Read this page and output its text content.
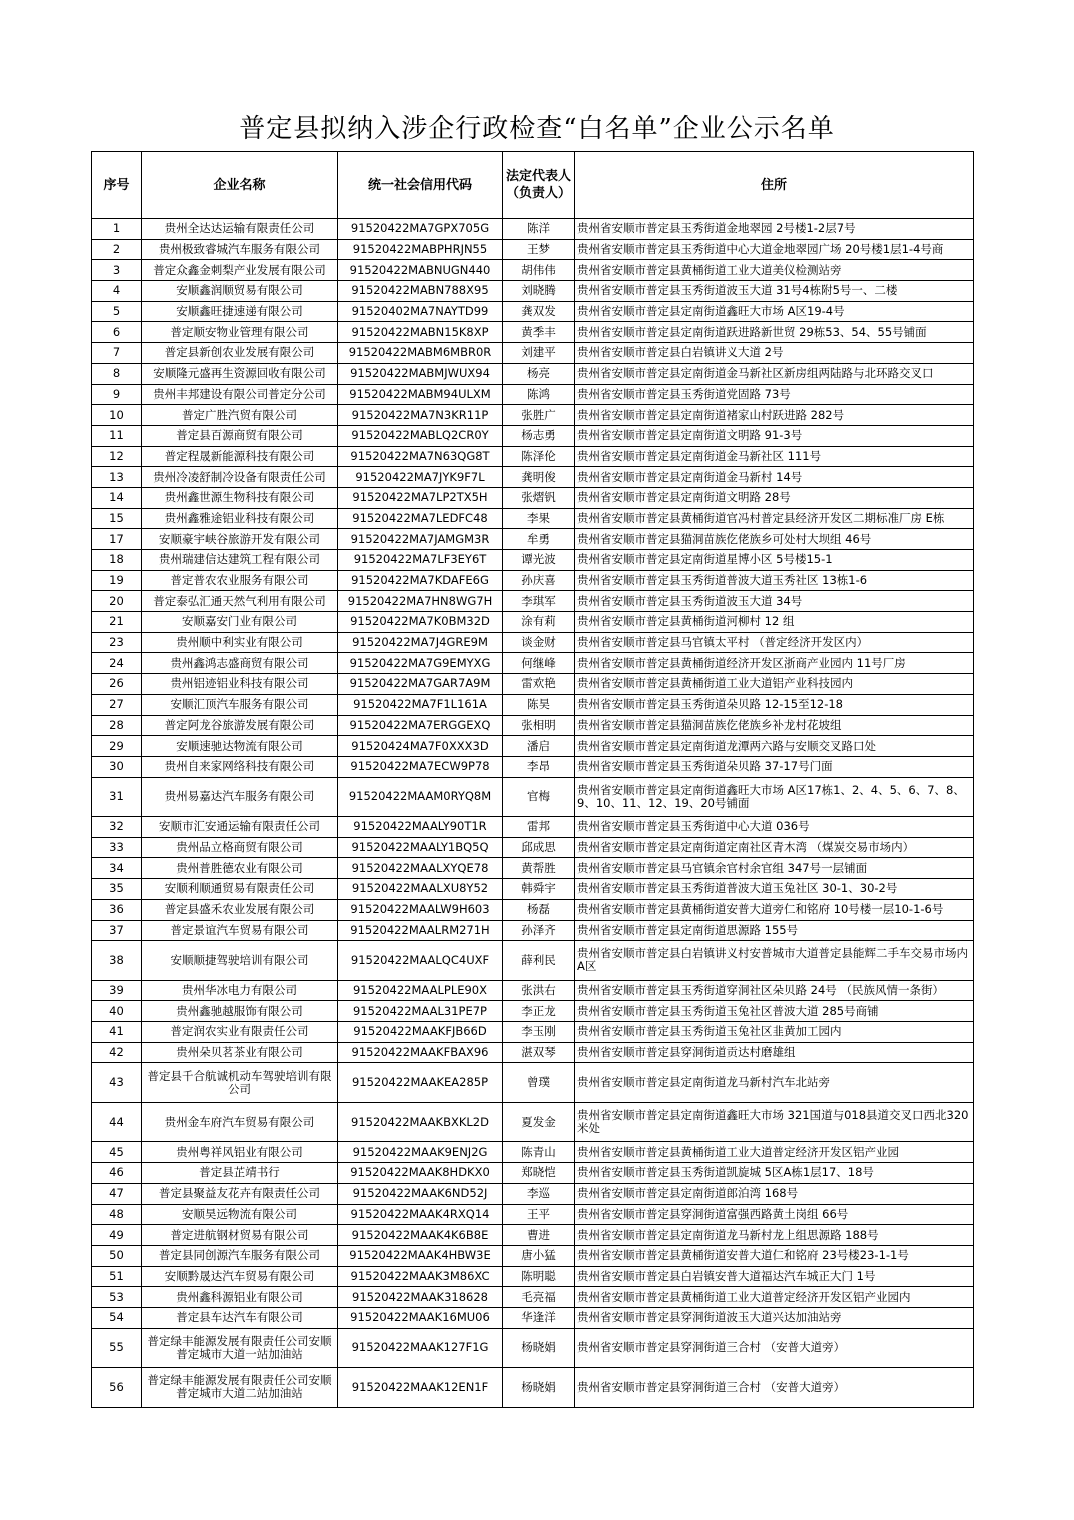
普定县拟纳入涉企行政检查“白名单”企业公示名单
序号	企业名称	统一社会信用代码	法定代表人（负责人）	住所
1	贵州全达达运输有限责任公司	91520422MA7GPX705G	陈洋	贵州省安顺市普定县玉秀街道金地翠园 2号楼1-2层7号
2	贵州极致睿城汽车服务有限公司	91520422MABPHRJN55	王梦	贵州省安顺市普定县玉秀街道中心大道金地翠园广场 20号楼1层1-4号商
3	普定众鑫金刺梨产业发展有限公司	91520422MABNUGN440	胡伟伟	贵州省安顺市普定县黄桶街道工业大道美仪检测站旁
4	安顺鑫润顺贸易有限公司	91520422MABN788X95	刘晓腾	贵州省安顺市普定县玉秀街道波玉大道 31号4栋附5号一、二楼
5	安顺鑫旺捷速递有限公司	91520402MA7NAYTD99	龚双发	贵州省安顺市普定县定南街道鑫旺大市场 A区19-4号
6	普定顺安物业管理有限公司	91520422MABN15K8XP	黄季丰	贵州省安顺市普定县定南街道跃进路新世贸 29栋53、54、55号铺面
7	普定县新创农业发展有限公司	91520422MABM6MBR0R	刘建平	贵州省安顺市普定县白岩镇讲义大道 2号
8	安顺隆元盛再生资源回收有限公司	91520422MABMJWUX94	杨亮	贵州省安顺市普定县定南街道金马新社区新房组两陆路与北环路交叉口
9	贵州丰邦建设有限公司普定分公司	91520422MABM94ULXM	陈鸿	贵州省安顺市普定县玉秀街道党固路 73号
10	普定广胜汽贸有限公司	91520422MA7N3KR11P	张胜广	贵州省安顺市普定县定南街道褚家山村跃进路 282号
11	普定县百源商贸有限公司	91520422MABLQ2CR0Y	杨志勇	贵州省安顺市普定县定南街道文明路 91-3号
12	普定程晟新能源科技有限公司	91520422MA7N63QG8T	陈泽伦	贵州省安顺市普定县定南街道金马新社区 111号
13	贵州冷凌舒制冷设备有限责任公司	91520422MA7JYK9F7L	龚明俊	贵州省安顺市普定县定南街道金马新村 14号
14	贵州鑫世源生物科技有限公司	91520422MA7LP2TX5H	张熠钒	贵州省安顺市普定县定南街道文明路 28号
15	贵州鑫雅途铝业科技有限公司	91520422MA7LEDFC48	李果	贵州省安顺市普定县黄桶街道官冯村普定县经济开发区二期标准厂房 E栋
17	安顺豪宇峡谷旅游开发有限公司	91520422MA7JAMGM3R	牟勇	贵州省安顺市普定县猫洞苗族仡佬族乡可处村大坝组 46号
18	贵州瑞建信达建筑工程有限公司	91520422MA7LF3EY6T	谭光波	贵州省安顺市普定县定南街道星博小区 5号楼15-1
19	普定普农农业服务有限公司	91520422MA7KDAFE6G	孙庆喜	贵州省安顺市普定县玉秀街道普波大道玉秀社区 13栋1-6
20	普定泰弘汇通天然气利用有限公司	91520422MA7HN8WG7H	李琪军	贵州省安顺市普定县玉秀街道波玉大道 34号
21	安顺嘉安门业有限公司	91520422MA7K0BM32D	涂有莉	贵州省安顺市普定县黄桶街道河柳村 12 组
23	贵州顺中利实业有限公司	91520422MA7J4GRE9M	谈金财	贵州省安顺市普定县马官镇太平村 （普定经济开发区内）
24	贵州鑫鸿志盛商贸有限公司	91520422MA7G9EMYXG	何继峰	贵州省安顺市普定县黄桶街道经济开发区浙商产业园内 11号厂房
26	贵州铝迹铝业科技有限公司	91520422MA7GAR7A9M	雷欢艳	贵州省安顺市普定县黄桶街道工业大道铝产业科技园内
27	安顺汇顶汽车服务有限公司	91520422MA7F1L161A	陈昊	贵州省安顺市普定县玉秀街道朵贝路 12-15至12-18
28	普定阿龙谷旅游发展有限公司	91520422MA7ERGGEXQ	张相明	贵州省安顺市普定县猫洞苗族仡佬族乡补龙村花坡组
29	安顺速驰达物流有限公司	91520424MA7F0XXX3D	潘启	贵州省安顺市普定县定南街道龙潭两六路与安顺交叉路口处
30	贵州自来家网络科技有限公司	91520422MA7ECW9P78	李昂	贵州省安顺市普定县玉秀街道朵贝路 37-17号门面
31	贵州易嘉达汽车服务有限公司	91520422MAAM0RYQ8M	官梅	贵州省安顺市普定县定南街道鑫旺大市场 A区17栋1、2、4、5、6、7、8、9、10、11、12、19、20号铺面
32	安顺市汇安通运输有限责任公司	91520422MAALY90T1R	雷邦	贵州省安顺市普定县玉秀街道中心大道 036号
33	贵州品立格商贸有限公司	91520422MAALY1BQ5Q	邱成思	贵州省安顺市普定县定南街道定南社区青木湾 （煤炭交易市场内）
34	贵州普胜德农业有限公司	91520422MAALXYQE78	黄帮胜	贵州省安顺市普定县马官镇余官村余官组 347号一层铺面
35	安顺利顺通贸易有限责任公司	91520422MAALXU8Y52	韩舜宇	贵州省安顺市普定县玉秀街道普波大道玉兔社区 30-1、30-2号
36	普定县盛禾农业发展有限公司	91520422MAALW9H603	杨磊	贵州省安顺市普定县黄桶街道安普大道旁仁和铭府 10号楼一层10-1-6号
37	普定景谊汽车贸易有限公司	91520422MAALRM271H	孙泽齐	贵州省安顺市普定县定南街道思源路 155号
38	安顺顺捷驾驶培训有限公司	91520422MAALQC4UXF	薛利民	贵州省安顺市普定县白岩镇讲义村安普城市大道普定县能辉二手车交易市场内A区
39	贵州华冰电力有限公司	91520422MAALPLE90X	张洪右	贵州省安顺市普定县玉秀街道穿洞社区朵贝路 24号 （民族风情一条街）
40	贵州鑫驰越服饰有限公司	91520422MAAL31PE7P	李正龙	贵州省安顺市普定县玉秀街道玉兔社区普波大道 285号商铺
41	普定润农实业有限责任公司	91520422MAAKFJB66D	李玉刚	贵州省安顺市普定县玉秀街道玉兔社区韭黄加工园内
42	贵州朵贝茗茶业有限公司	91520422MAAKFBAX96	湛双琴	贵州省安顺市普定县穿洞街道贡达村磨雄组
43	普定县千合航诚机动车驾驶培训有限公司	91520422MAAKEA285P	曾璞	贵州省安顺市普定县定南街道龙马新村汽车北站旁
44	贵州金车府汽车贸易有限公司	91520422MAAKBXKL2D	夏发金	贵州省安顺市普定县定南街道鑫旺大市场 321国道与018县道交叉口西北320米处
45	贵州粤祥风铝业有限公司	91520422MAAK9ENJ2G	陈青山	贵州省安顺市普定县黄桶街道工业大道普定经济开发区铝产业园
46	普定县芷靖书行	91520422MAAK8HDKX0	郑晓恺	贵州省安顺市普定县玉秀街道凯旋城 5区A栋1层17、18号
47	普定县聚益友花卉有限责任公司	91520422MAAK6ND52J	李巡	贵州省安顺市普定县定南街道郎泊湾 168号
48	安顺昊远物流有限公司	91520422MAAK4RXQ14	王平	贵州省安顺市普定县穿洞街道富强西路黄土岗组 66号
49	普定进航钢材贸易有限公司	91520422MAAK4K6B8E	曹进	贵州省安顺市普定县定南街道龙马新村龙上组思源路 188号
50	普定县同创源汽车服务有限公司	91520422MAAK4HBW3E	唐小猛	贵州省安顺市普定县黄桶街道安普大道仁和铭府 23号楼23-1-1号
51	安顺黔晟达汽车贸易有限公司	91520422MAAK3M86XC	陈明聪	贵州省安顺市普定县白岩镇安普大道福达汽车城正大门 1号
53	贵州鑫科源铝业有限公司	91520422MAAK318628	毛亮福	贵州省安顺市普定县黄桶街道工业大道普定经济开发区铝产业园内
54	普定县车达汽车有限公司	91520422MAAK16MU06	华逢洋	贵州省安顺市普定县穿洞街道波玉大道兴达加油站旁
55	普定绿丰能源发展有限责任公司安顺普定城市大道一站加油站	91520422MAAK127F1G	杨晓娟	贵州省安顺市普定县穿洞街道三合村 （安普大道旁）
56	普定绿丰能源发展有限责任公司安顺普定城市大道二站加油站	91520422MAAK12EN1F	杨晓娟	贵州省安顺市普定县穿洞街道三合村 （安普大道旁）
